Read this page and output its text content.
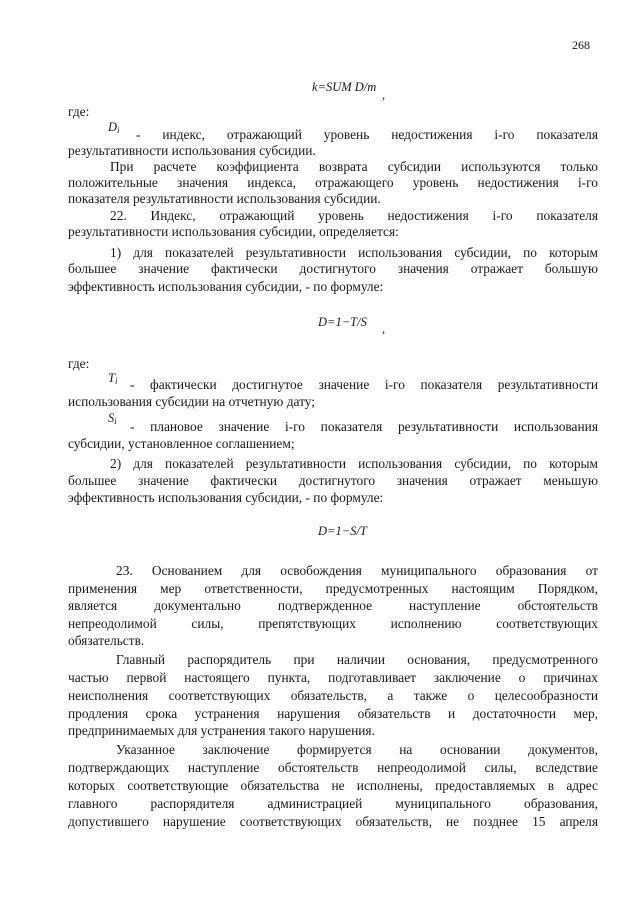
268
k=SUM D/m
,
где:
$D_i$ - индекс, отражающий уровень недостижения i-го показателя
результативности использования субсидии.
При расчете коэффициента возврата субсидии используются только
положительные значения индекса, отражающего уровень недостижения i-го
показателя результативности использования субсидии.
22. Индекс, отражающий уровень недостижения i-го показателя
результативности использования субсидии, определяется:
1) для показателей результативности использования субсидии, по которым
большее значение фактически достигнутого значения отражает большую
эффективность использования субсидии, - по формуле:
D=1−T/S ,
где:
$T_i$ - фактически достигнутое значение i-го показателя результативности
использования субсидии на отчетную дату;
$S_i$ - плановое значение i-го показателя результативности использования
субсидии, установленное соглашением;
2) для показателей результативности использования субсидии, по которым
большее значение фактически достигнутого значения отражает меньшую
эффективность использования субсидии, - по формуле:
D=1−S/T
23. Основанием для освобождения муниципального образования от
применения мер ответственности, предусмотренных настоящим Порядком,
является документально подтвержденное наступление обстоятельств
непреодолимой силы, препятствующих исполнению соответствующих
обязательств.
Главный распорядитель при наличии основания, предусмотренного
частью первой настоящего пункта, подготавливает заключение о причинах
неисполнения соответствующих обязательств, а также о целесообразности
продления срока устранения нарушения обязательств и достаточности мер,
предпринимаемых для устранения такого нарушения.
Указанное заключение формируется на основании документов,
подтверждающих наступление обстоятельств непреодолимой силы, вследствие
которых соответствующие обязательства не исполнены, предоставляемых в адрес
главного распорядителя администрацией муниципального образования,
допустившего нарушение соответствующих обязательств, не позднее 15 апреля
